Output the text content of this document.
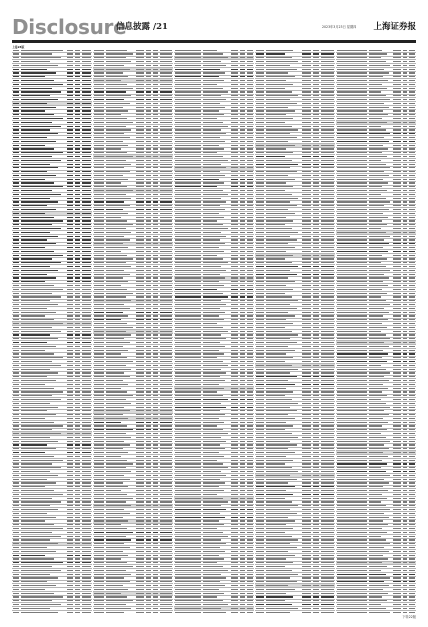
Disclosure
信息披露 /21	2023年3月23日 星期四 上海证券报
上接24版
下转22版
